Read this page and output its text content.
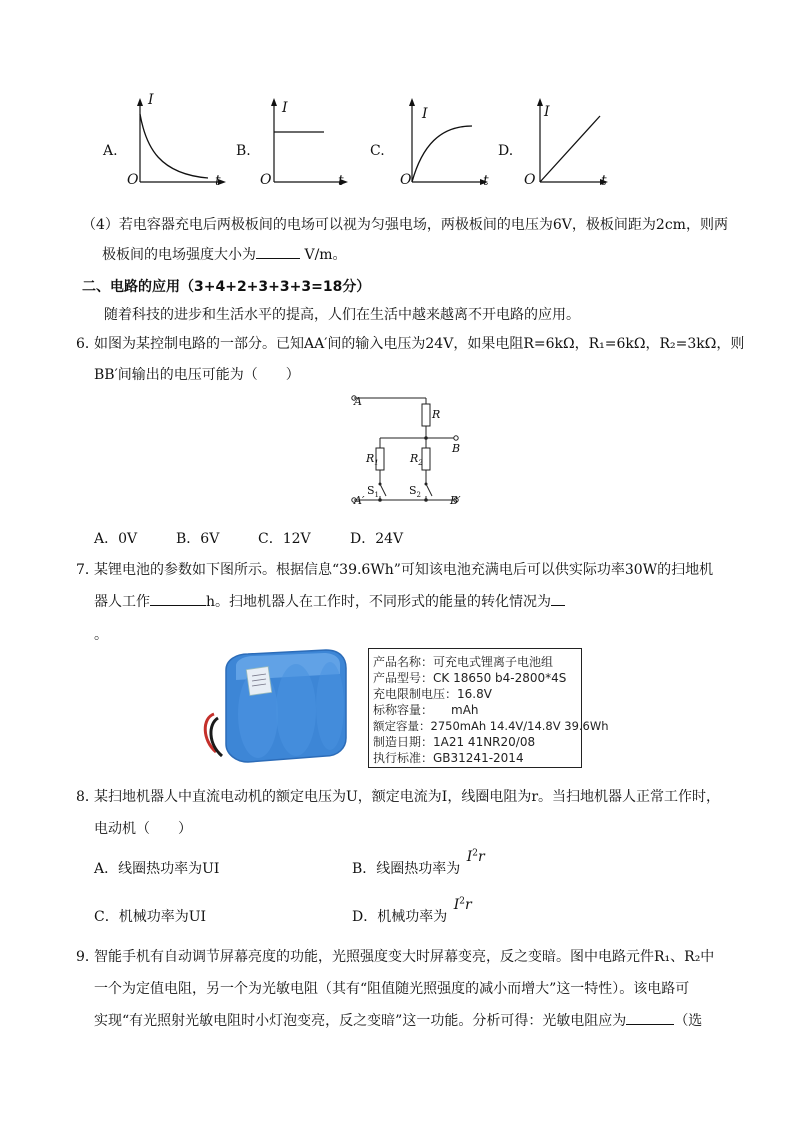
A.
I
O	t
B.
I
O	t
C.
I
O	t
D.
I
O	t
（4）若电容器充电后两极板间的电场可以视为匀强电场，两极板间的电压为6V，极板间距为2cm，则两
极板间的电场强度大小为	V/m。
二、电路的应用（3+4+2+3+3+3=18分）
随着科技的进步和生活水平的提高，人们在生活中越来越离不开电路的应用。
6．
如图为某控制电路的一部分。已知AA′间的输入电压为24V，如果电阻R=6kΩ，R₁=6kΩ，R₂=3kΩ，则
BB′间输出的电压可能为（　　）
A
R
B
$R_1$	$R_2$
$S_1$	$S_2$
A′	B′
A．0V	B．6V	C．12V	D．24V
7．
某锂电池的参数如下图所示。根据信息“39.6Wh”可知该电池充满电后可以供实际功率30W的扫地机
器人工作	h。扫地机器人在工作时，不同形式的能量的转化情况为
。
产品名称：可充电式锂离子电池组
产品型号：CK 18650 b4-2800*4S
充电限制电压：16.8V
标称容量：　　mAh
额定容量：2750mAh 14.4V/14.8V 39.6Wh
制造日期：1A21 41NR20/08
执行标准：GB31241-2014
8．
某扫地机器人中直流电动机的额定电压为U，额定电流为I，线圈电阻为r。当扫地机器人正常工作时，
电动机（　　）
A．线圈热功率为UI	B．线圈热功率为 $I^2r$
C．机械功率为UI	D．机械功率为 $I^2r$
9．
智能手机有自动调节屏幕亮度的功能，光照强度变大时屏幕变亮，反之变暗。图中电路元件R₁、R₂中
一个为定值电阻，另一个为光敏电阻（其有“阻值随光照强度的减小而增大”这一特性）。该电路可
实现“有光照射光敏电阻时小灯泡变亮，反之变暗”这一功能。分析可得：光敏电阻应为	（选
